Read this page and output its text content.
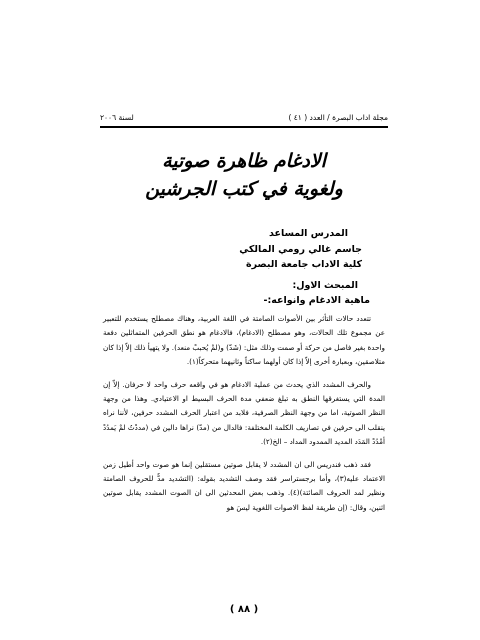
مجلة اداب البصرة / العدد ( ٤١ )
لسنة ٢٠٠٦
الادغام ظاهرة صوتية
ولغوية في كتب الجرشين
المدرس المساعد
جاسم غالي رومي المالكي
كلية الاداب جامعة البصرة
المبحث الاول:
ماهية الادغام وانواعه:-

تتعدد حالات التأثر بين الأصوات الصامتة في اللغة العربية، وهناك مصطلح يستخدم للتعبير عن مجموع تلك الحالات، وهو مصطلح (الادغام)، فالادغام هو نطق الحرفين المتماثلين دفعة واحدة بغير فاصل من حركة أو صمت وذلك مثل: (شَدّ) و(لمْ يُحببْ منعد). ولا يتهيأ ذلك إلاّ إذا كان متلاصقين، وبعبارة أخرى إلاّ إذا كان أولهما ساكناً وثانيهما متحركاً(١).

والحرف المشدد الذي يحدث من عملية الادغام هو في واقعه حرف واحد لا حرفان. إلاّ إن المدة التي يستغرقها النطق به تبلغ ضعفي مدة الحرف البسيط او الاعتيادي. وهذا من وجهة النظر الصوتية، اما من وجهة النظر الصرفية، فلابد من اعتبار الحرف المشدد حرفين، لأننا نراه ينقلب الى حرفين في تصاريف الكلمة المختلفة: فالدال من (مدّ) نراها دالين في (مددْتُ لمْ يَمدُدْ أمْدُدْ المَدَد المديد الممدود المداد – الخ(٢).

فقد ذهب فندريس الى ان المشدد لا يقابل صوتين مستقلين إنما هو صوت واحد أطيل زمن الاعتماد عليه(٣)، وأما برجستراسر فقد وصف التشديد بقوله: (التشديد مدٌّ للحروف الصامتة ونظير لمد الحروف الصائتة)(٤). وذهب بعض المحدثين الى ان الصوت المشدد يقابل صوتين اثنين، وقال: (إن طريقة لفظ الاصوات اللغوية ليسَ هو

( ٨٨ )
